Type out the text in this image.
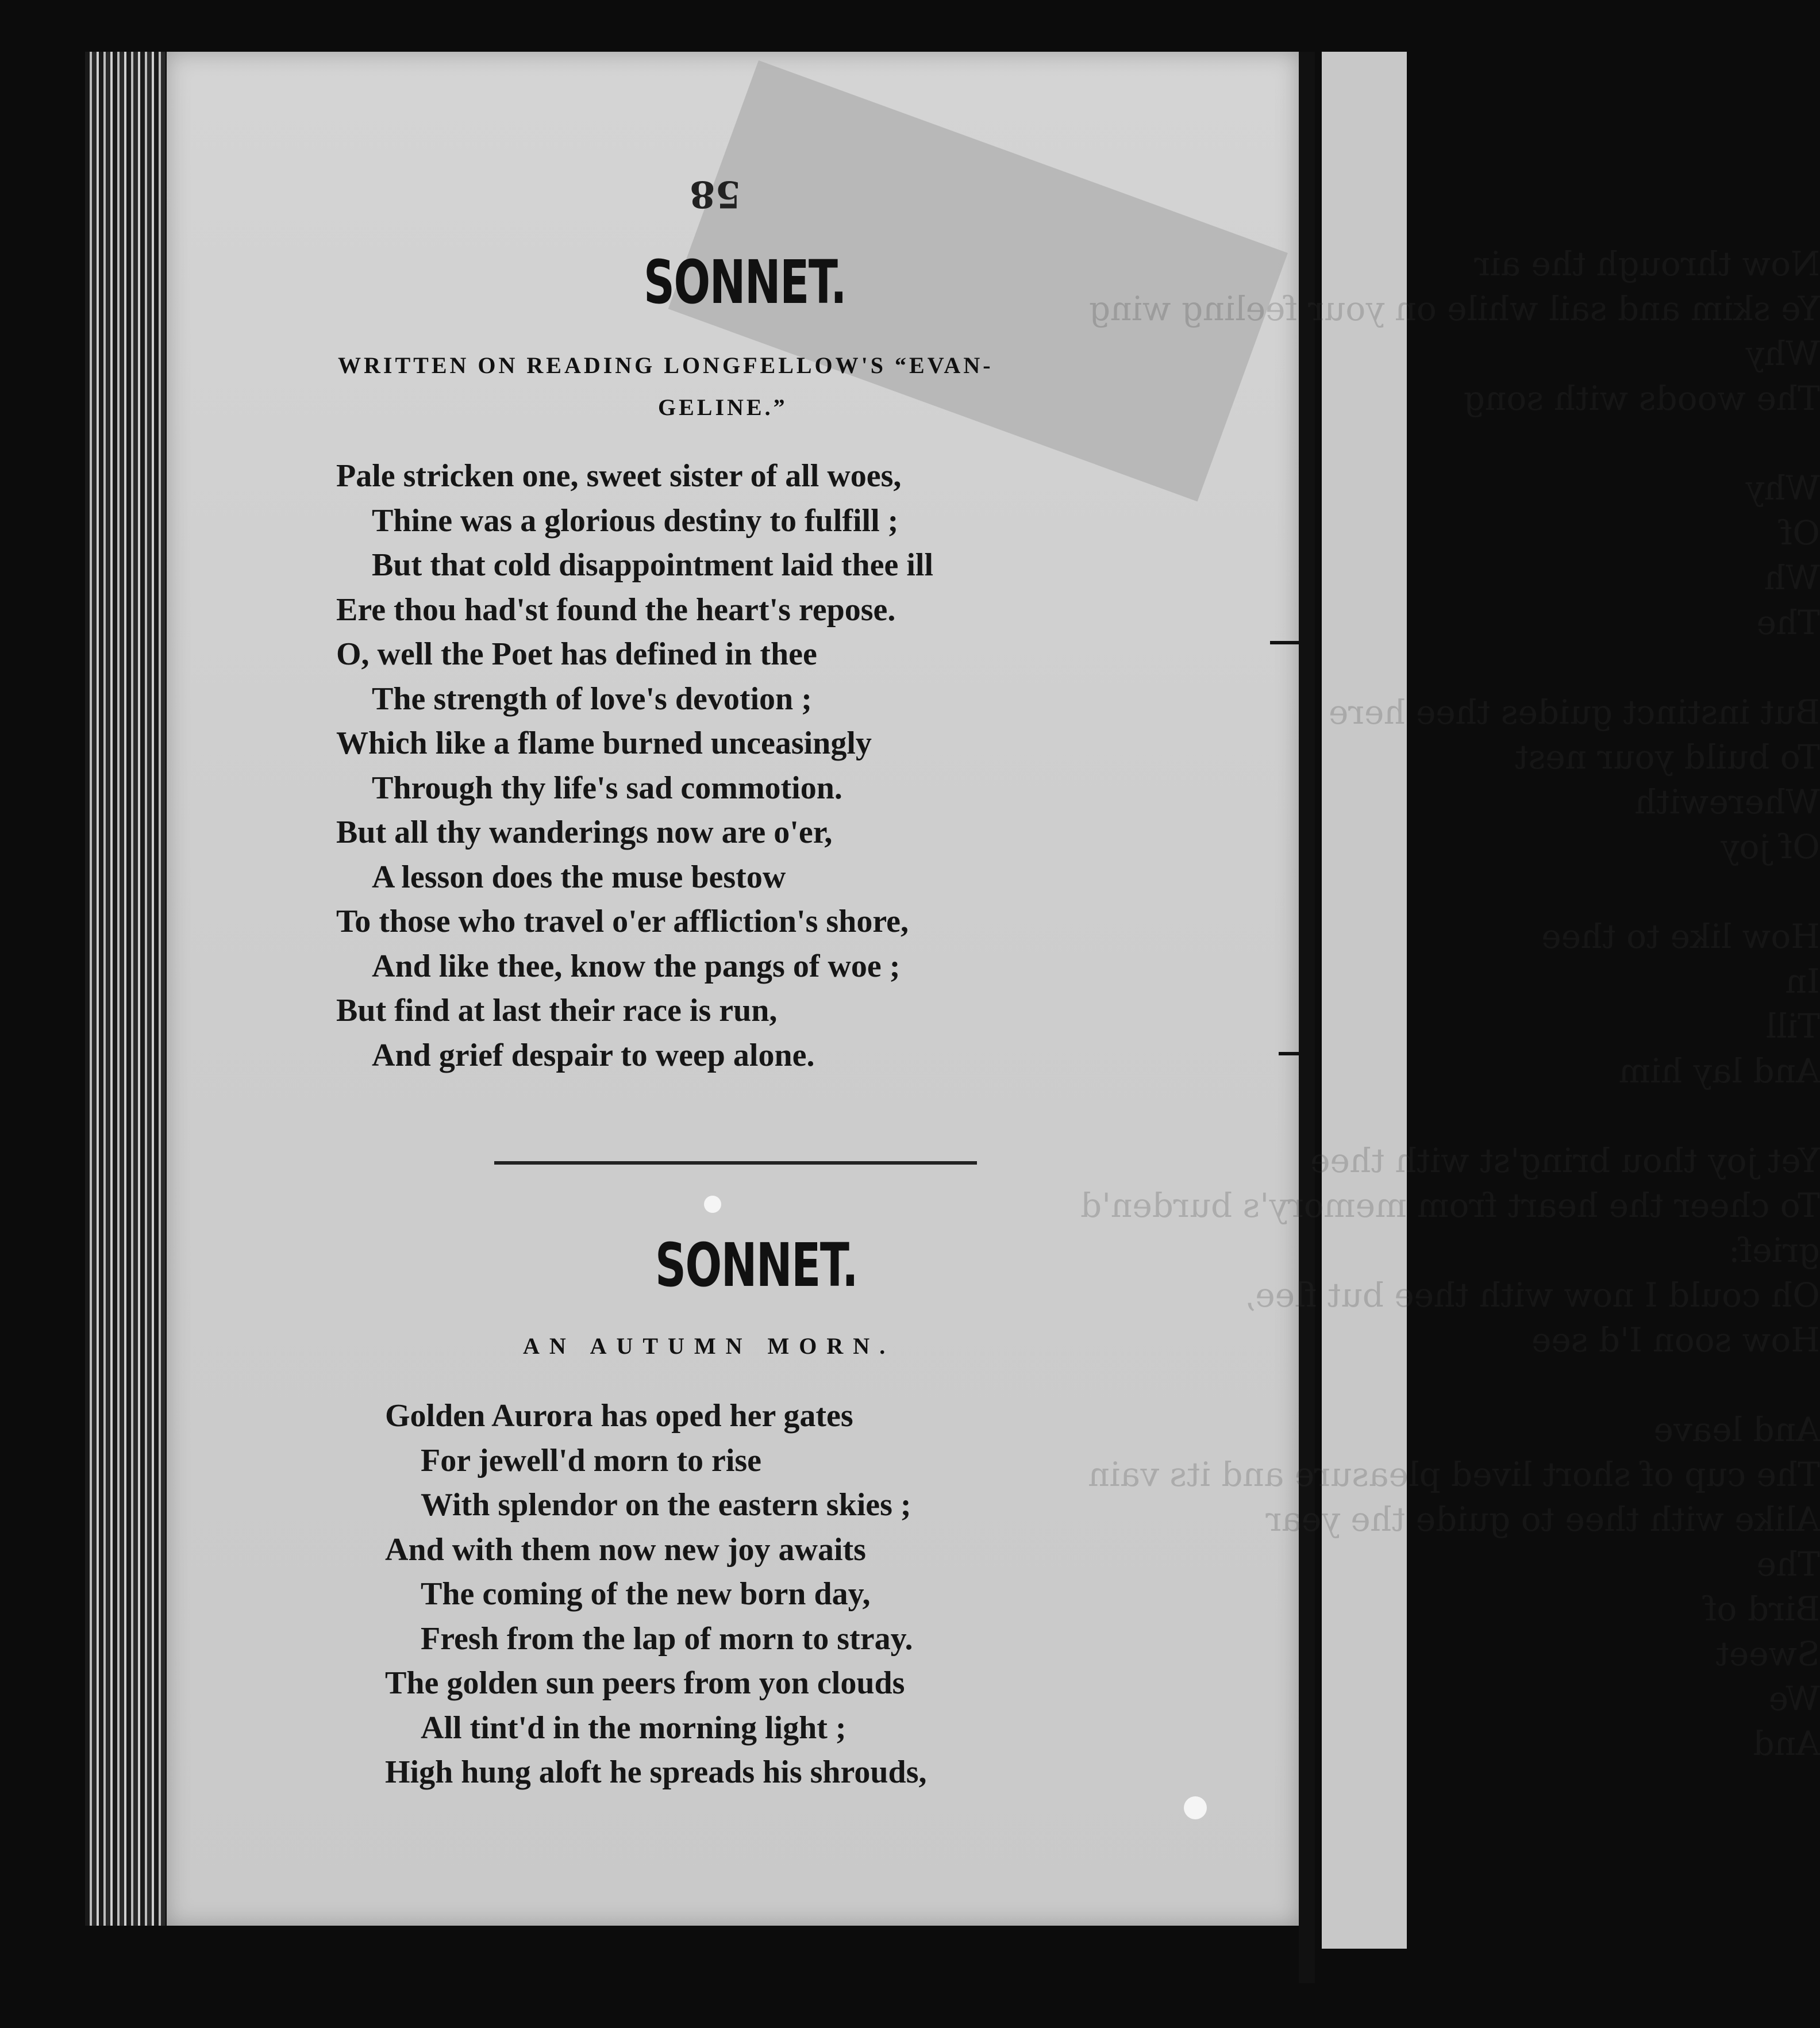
Now through the air
Ye skim and sail while on your feeling wing
Why
The woods with song

Why
Of
Wh
The

But instinct guides thee here
To build your nest
Wherewith
Of joy

How like to thee
In
Till
And lay him

Yet joy thou bring'st with thee
To cheer the heart from memory's burden'd
grief:
Oh could I now with thee but flee,
How soon I'd see

And leave
The cup of short lived pleasure and its vain
Alike with thee to guide the year
The
Bird of
Sweet
We
And
58
SONNET.
WRITTEN ON READING LONGFELLOW'S “EVAN-
GELINE.”
Pale stricken one, sweet sister of all woes,
Thine was a glorious destiny to fulfill ;
But that cold disappointment laid thee ill
Ere thou had'st found the heart's repose.
O, well the Poet has defined in thee
The strength of love's devotion ;
Which like a flame burned unceasingly
Through thy life's sad commotion.
But all thy wanderings now are o'er,
A lesson does the muse bestow
To those who travel o'er affliction's shore,
And like thee, know the pangs of woe ;
But find at last their race is run,
And grief despair to weep alone.
SONNET.
AN AUTUMN MORN.
Golden Aurora has oped her gates
For jewell'd morn to rise
With splendor on the eastern skies ;
And with them now new joy awaits
The coming of the new born day,
Fresh from the lap of morn to stray.
The golden sun peers from yon clouds
All tint'd in the morning light ;
High hung aloft he spreads his shrouds,
